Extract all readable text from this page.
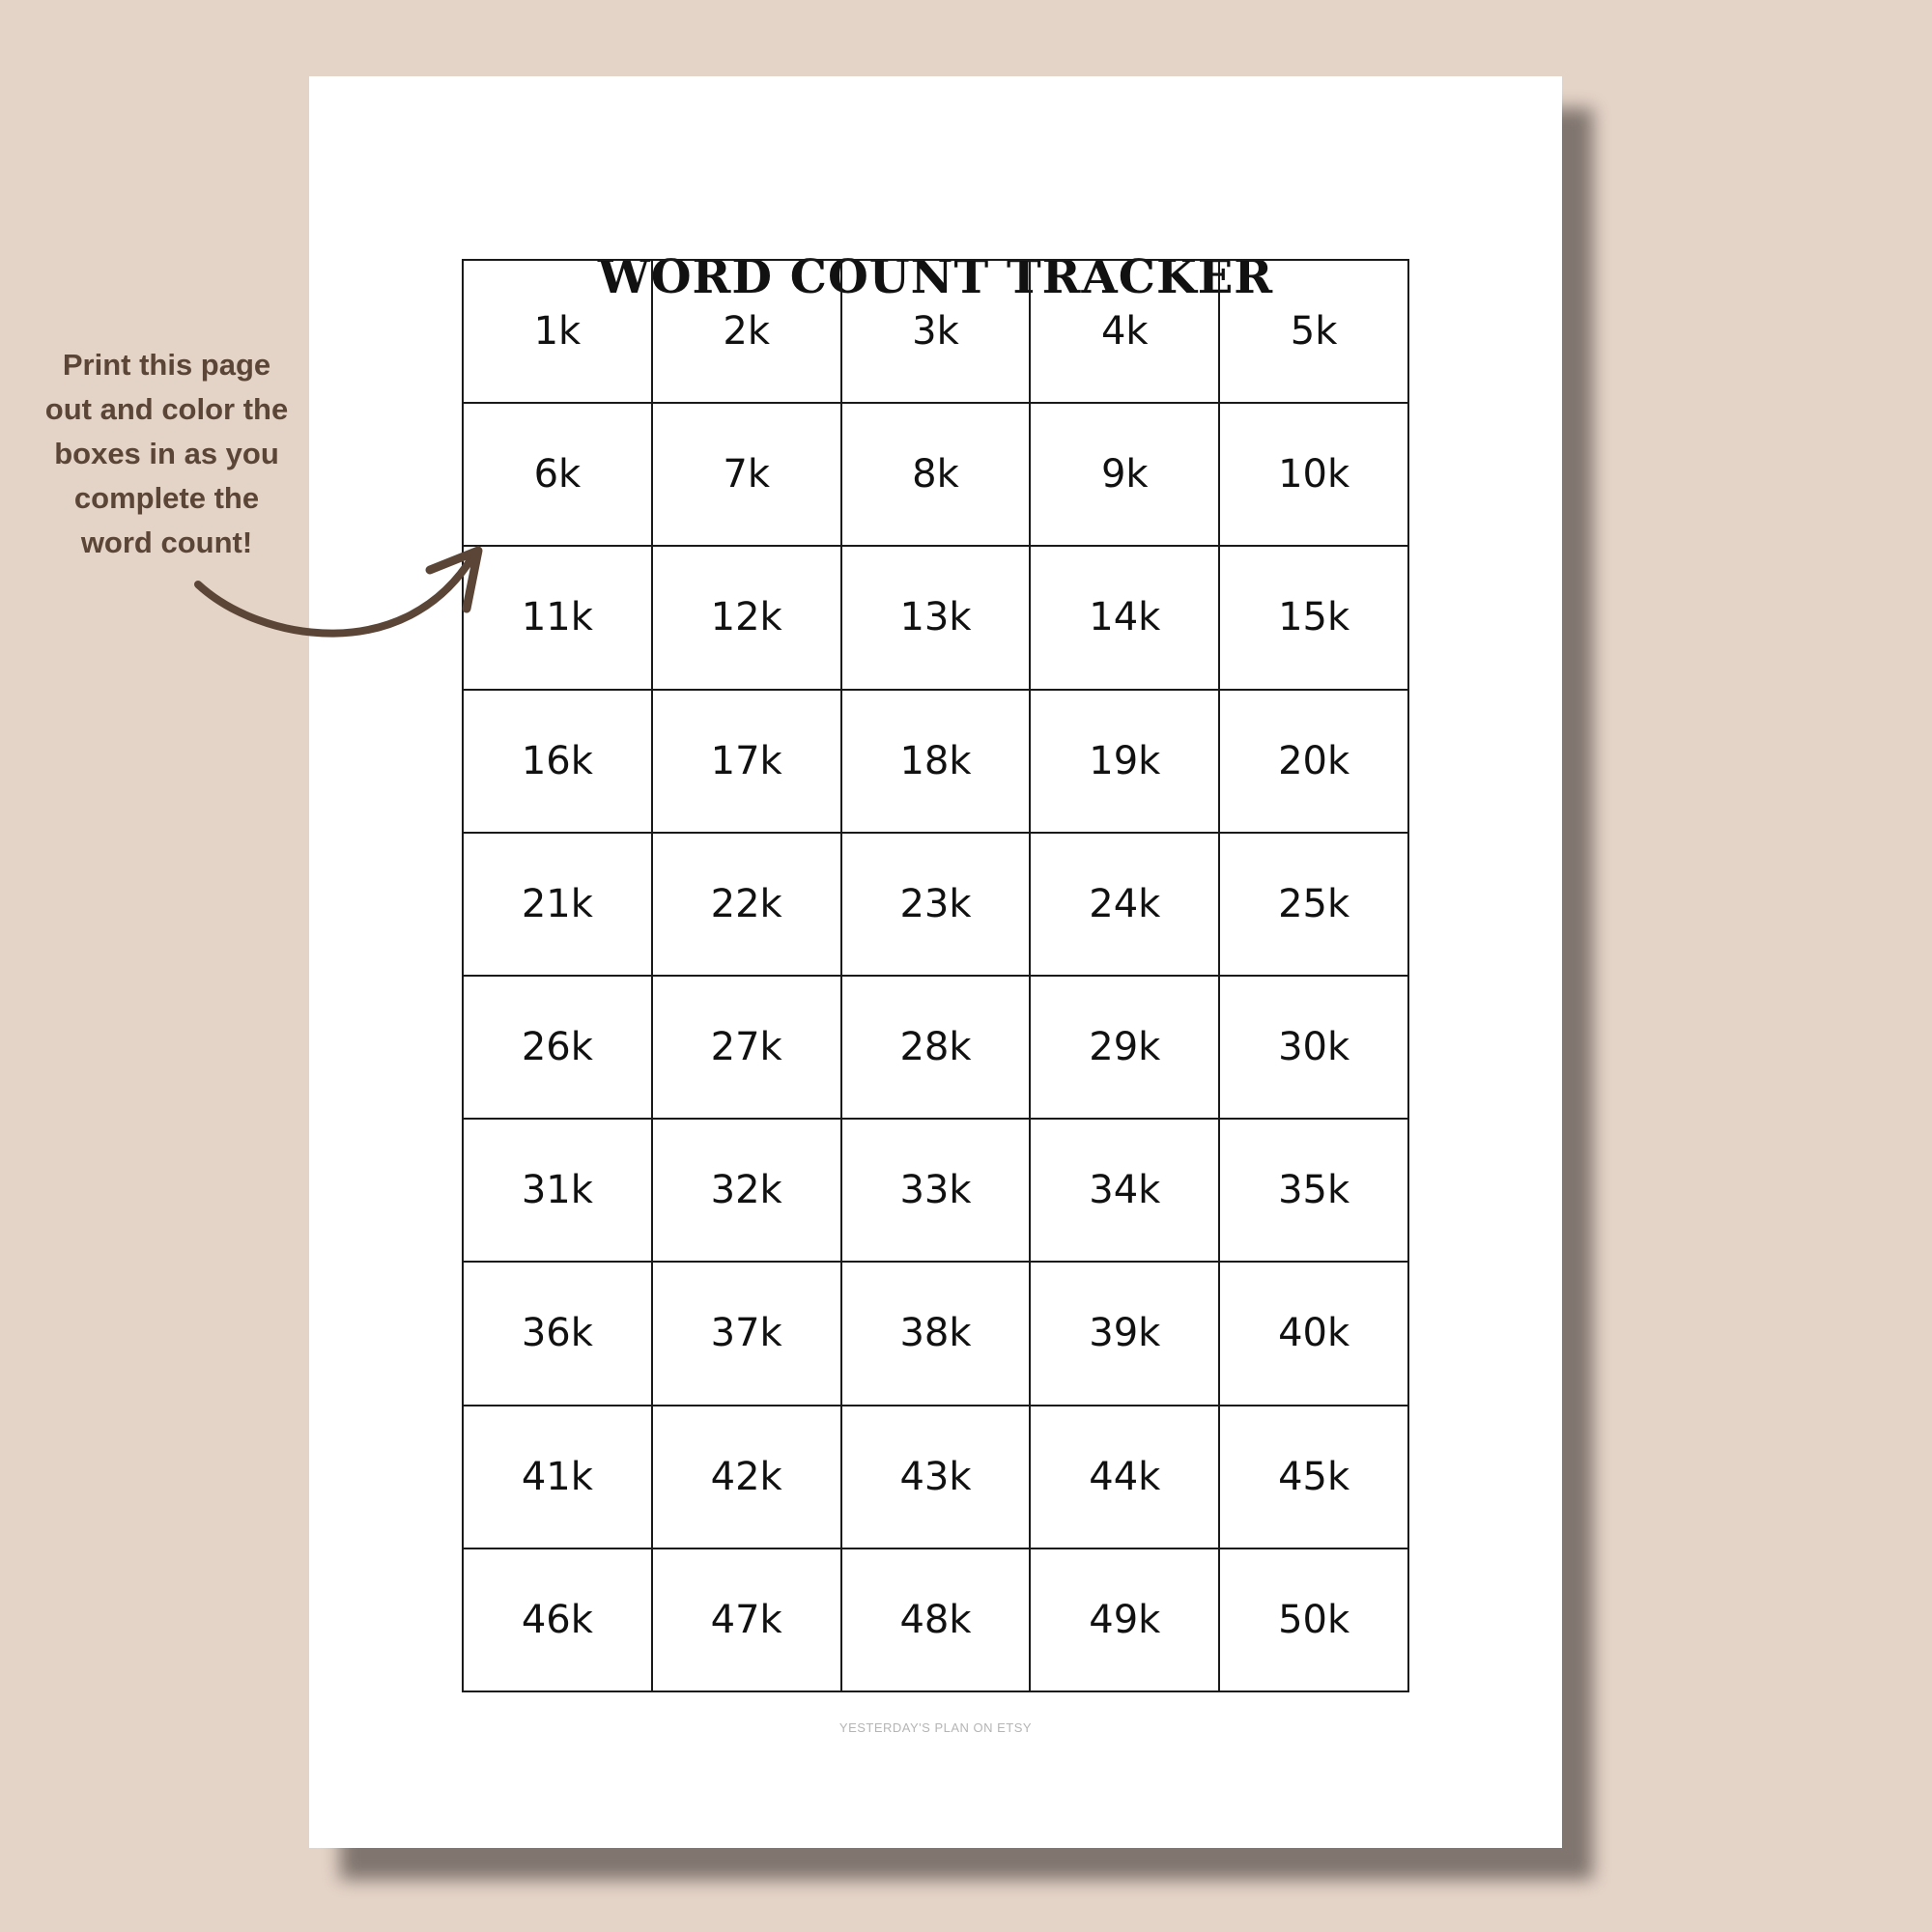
WORD COUNT TRACKER
1k	2k	3k	4k	5k
6k	7k	8k	9k	10k
11k	12k	13k	14k	15k
16k	17k	18k	19k	20k
21k	22k	23k	24k	25k
26k	27k	28k	29k	30k
31k	32k	33k	34k	35k
36k	37k	38k	39k	40k
41k	42k	43k	44k	45k
46k	47k	48k	49k	50k
YESTERDAY'S PLAN ON ETSY
Print this page
out and color the
boxes in as you
complete the
word count!
